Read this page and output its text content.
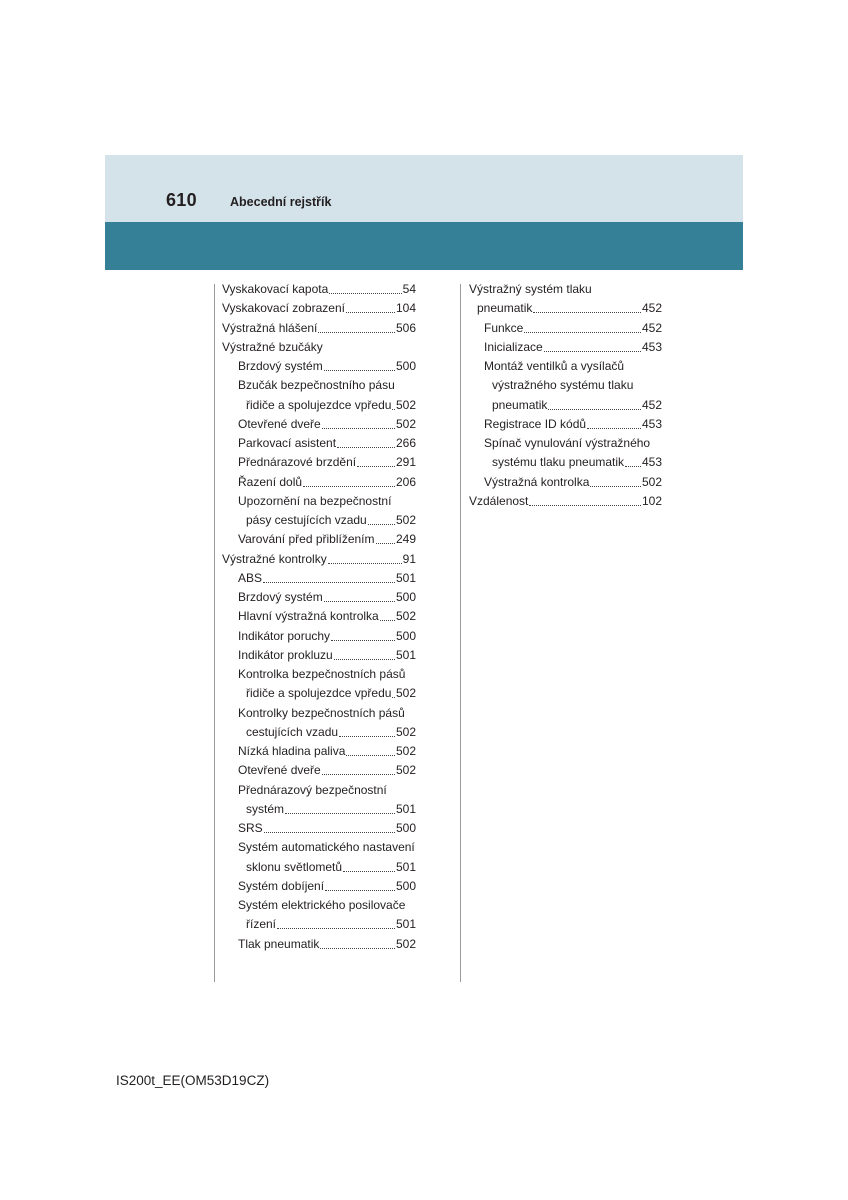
610	Abecední rejstřík
Vyskakovací kapota	54
Vyskakovací zobrazení	104
Výstražná hlášení	506
Výstražné bzučáky
Brzdový systém	500
Bzučák bezpečnostního pásu
řidiče a spolujezdce vpředu 502
Otevřené dveře	502
Parkovací asistent	266
Přednárazové brzdění	291
Řazení dolů	206
Upozornění na bezpečnostní
pásy cestujících vzadu 502
Varování před přiblížením 249
Výstražné kontrolky	91
ABS	501
Brzdový systém	500
Hlavní výstražná kontrolka 502
Indikátor poruchy	500
Indikátor prokluzu	501
Kontrolka bezpečnostních pásů
řidiče a spolujezdce vpředu 502
Kontrolky bezpečnostních pásů
cestujících vzadu	502
Nízká hladina paliva	502
Otevřené dveře	502
Přednárazový bezpečnostní
systém	501
SRS	500
Systém automatického nastavení
sklonu světlometů	501
Systém dobíjení	500
Systém elektrického posilovače
řízení	501
Tlak pneumatik	502
Výstražný systém tlaku
pneumatik	452
Funkce	452
Inicializace	453
Montáž ventilků a vysílačů
výstražného systému tlaku
pneumatik	452
Registrace ID kódů	453
Spínač vynulování výstražného
systému tlaku pneumatik 453
Výstražná kontrolka	502
Vzdálenost	102
IS200t_EE(OM53D19CZ)
